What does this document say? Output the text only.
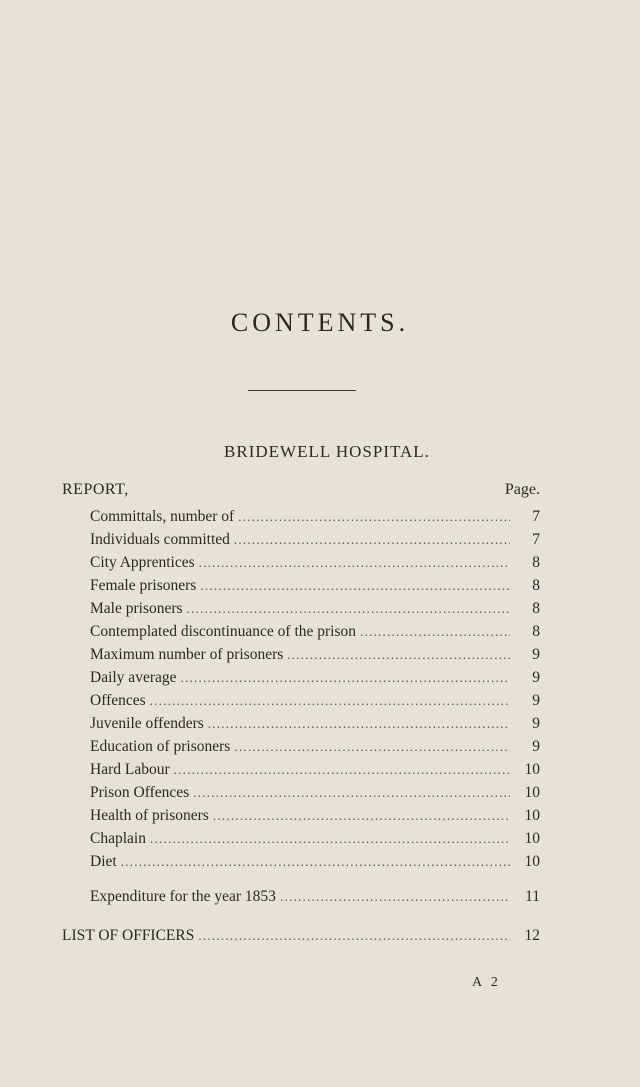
CONTENTS.
BRIDEWELL HOSPITAL.
REPORT,	Page.
Committals, number of . . .	7
Individuals committed . . .	7
City Apprentices . . .	8
Female prisoners . . .	8
Male prisoners . . .	8
Contemplated discontinuance of the prison . . .	8
Maximum number of prisoners . . .	9
Daily average . . .	9
Offences . . .	9
Juvenile offenders . . .	9
Education of prisoners . . .	9
Hard Labour . . .	10
Prison Offences . . .	10
Health of prisoners . . .	10
Chaplain . . .	10
Diet . . .	10
Expenditure for the year 1853 . . .	11
LIST OF OFFICERS . . .	12
A 2
